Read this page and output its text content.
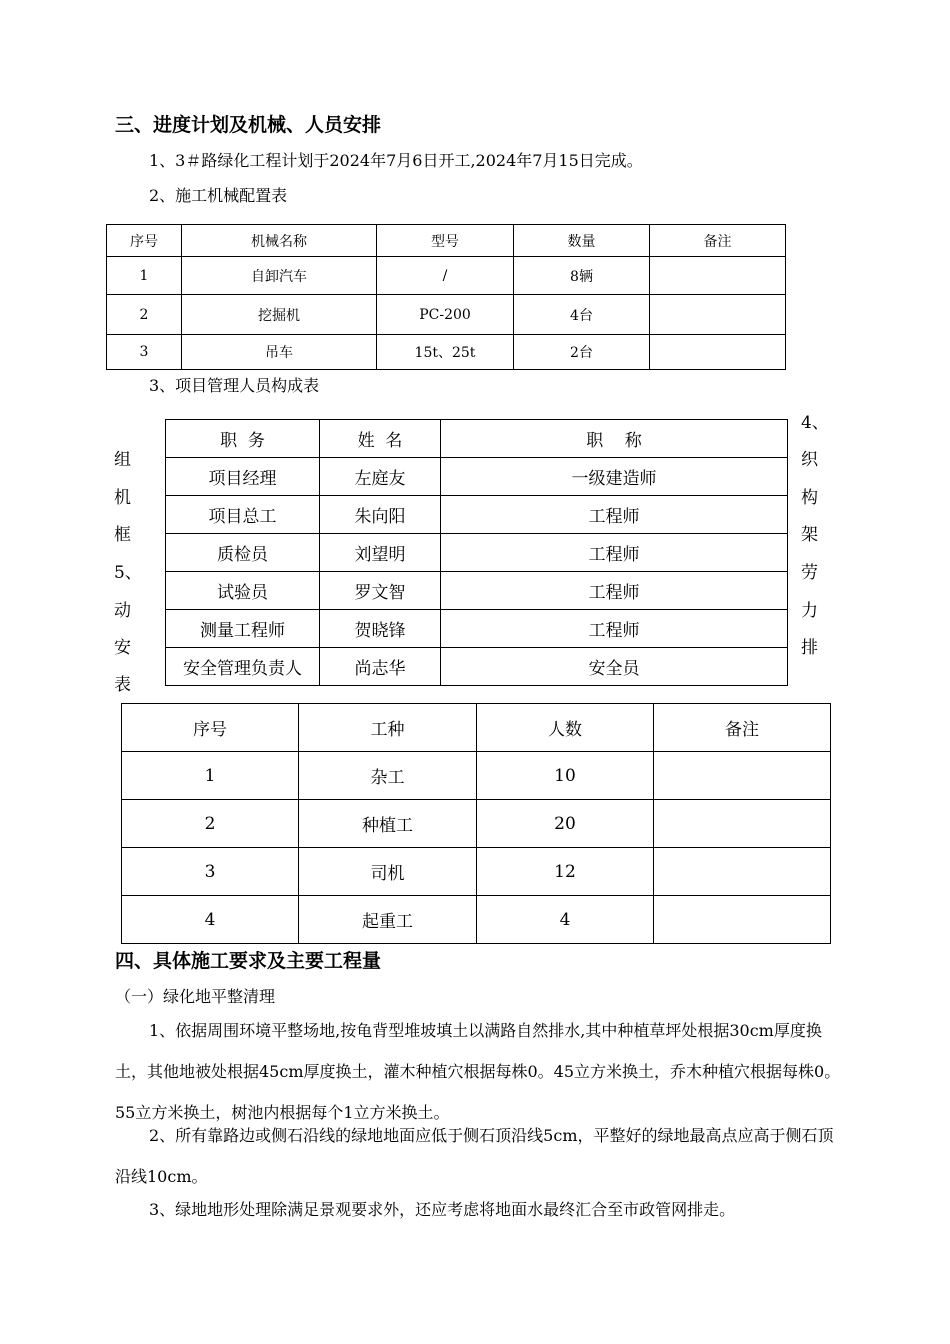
三、进度计划及机械、人员安排
1、3＃路绿化工程计划于2024年7月6日开工,2024年7月15日完成。
2、施工机械配置表
序号	机械名称	型号	数量	备注
1	自卸汽车	/	8辆	
2	挖掘机	PC-200	4台	
3	吊车	15t、25t	2台	
3、项目管理人员构成表
职  务	姓  名	职    称
项目经理	左庭友	一级建造师
项目总工	朱向阳	工程师
质检员	刘望明	工程师
试验员	罗文智	工程师
测量工程师	贺晓锋	工程师
安全管理负责人	尚志华	安全员
组
机
框
5、
动
安
表
4、
织
构
架
劳
力
排
序号	工种	人数	备注
1	杂工	10	
2	种植工	20	
3	司机	12	
4	起重工	4	
四、具体施工要求及主要工程量
（一）绿化地平整清理
1、依据周围环境平整场地,按龟背型堆坡填土以满路自然排水,其中种植草坪处根据30cm厚度换土，其他地被处根据45cm厚度换土，灌木种植穴根据每株0。45立方米换土，乔木种植穴根据每株0。55立方米换土，树池内根据每个1立方米换土。
2、所有靠路边或侧石沿线的绿地地面应低于侧石顶沿线5cm，平整好的绿地最高点应高于侧石顶沿线10cm。
3、绿地地形处理除满足景观要求外，还应考虑将地面水最终汇合至市政管网排走。
